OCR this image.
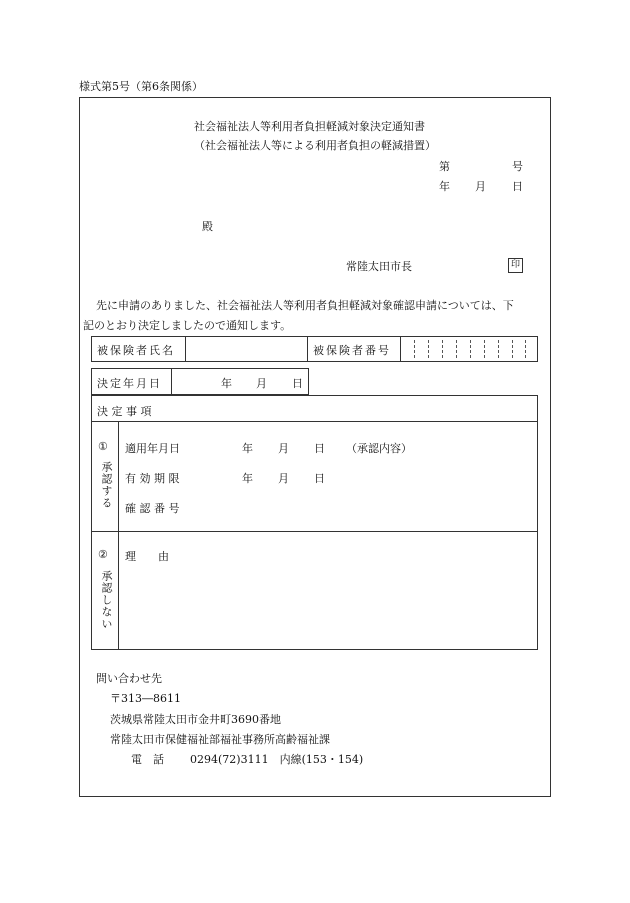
様式第5号（第6条関係）
社会福祉法人等利用者負担軽減対象決定通知書
（社会福祉法人等による利用者負担の軽減措置）
第	号
年 月 日
殿
常陸太田市長	印
先に申請のありました、社会福祉法人等利用者負担軽減対象確認申請については、下
記のとおり決定しましたので通知します。
被保険者氏名	被保険者番号
決定年月日	年 月 日
決 定 事 項
①
承認する
適用年月日	年 月 日 （承認内容）
有 効 期 限	年 月 日
確 認 番 号
②
承認しない
理　　由
問い合わせ先
〒313―8611
茨城県常陸太田市金井町3690番地
常陸太田市保健福祉部福祉事務所高齢福祉課
電　話 0294(72)3111　内線(153・154)
